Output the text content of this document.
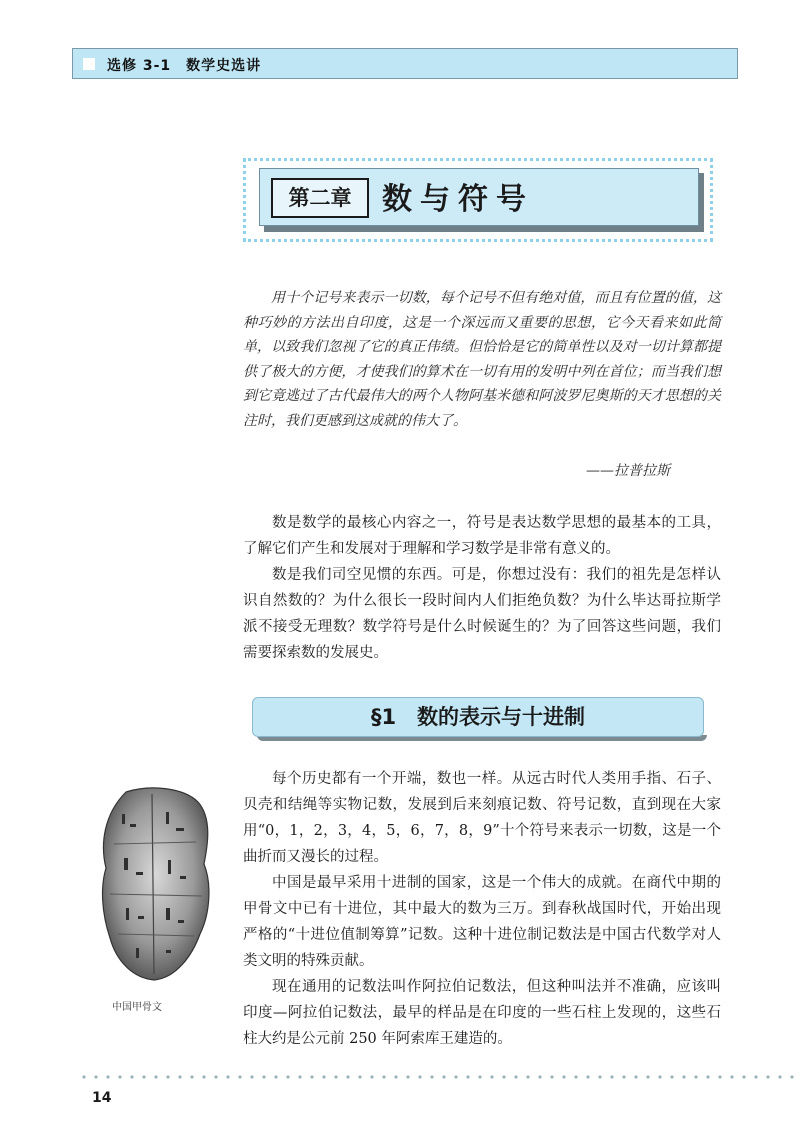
选修 3-1　数学史选讲
第二章	数与符号

用十个记号来表示一切数，每个记号不但有绝对值，而且有位置的值，这种巧妙的方法出自印度，这是一个深远而又重要的思想，它今天看来如此简单，以致我们忽视了它的真正伟绩。但恰恰是它的简单性以及对一切计算都提供了极大的方便，才使我们的算术在一切有用的发明中列在首位；而当我们想到它竟逃过了古代最伟大的两个人物阿基米德和阿波罗尼奥斯的天才思想的关注时，我们更感到这成就的伟大了。

——拉普拉斯

数是数学的最核心内容之一，符号是表达数学思想的最基本的工具，了解它们产生和发展对于理解和学习数学是非常有意义的。

数是我们司空见惯的东西。可是，你想过没有：我们的祖先是怎样认识自然数的？为什么很长一段时间内人们拒绝负数？为什么毕达哥拉斯学派不接受无理数？数学符号是什么时候诞生的？为了回答这些问题，我们需要探索数的发展史。

§1　数的表示与十进制
中国甲骨文

每个历史都有一个开端，数也一样。从远古时代人类用手指、石子、贝壳和结绳等实物记数，发展到后来刻痕记数、符号记数，直到现在大家用“0，1，2，3，4，5，6，7，8，9”十个符号来表示一切数，这是一个曲折而又漫长的过程。

中国是最早采用十进制的国家，这是一个伟大的成就。在商代中期的甲骨文中已有十进位，其中最大的数为三万。到春秋战国时代，开始出现严格的“十进位值制筹算”记数。这种十进位制记数法是中国古代数学对人类文明的特殊贡献。

现在通用的记数法叫作阿拉伯记数法，但这种叫法并不准确，应该叫印度—阿拉伯记数法，最早的样品是在印度的一些石柱上发现的，这些石柱大约是公元前 250 年阿索库王建造的。

14
